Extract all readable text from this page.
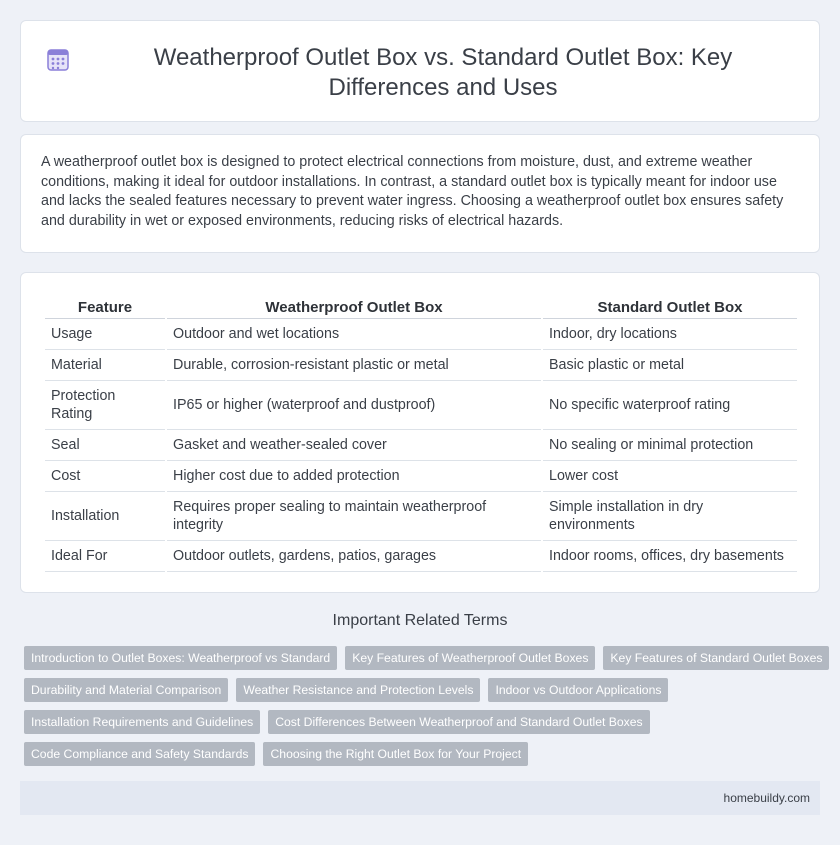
Weatherproof Outlet Box vs. Standard Outlet Box: Key Differences and Uses

A weatherproof outlet box is designed to protect electrical connections from moisture, dust, and extreme weather conditions, making it ideal for outdoor installations. In contrast, a standard outlet box is typically meant for indoor use and lacks the sealed features necessary to prevent water ingress. Choosing a weatherproof outlet box ensures safety and durability in wet or exposed environments, reducing risks of electrical hazards.

Feature	Weatherproof Outlet Box	Standard Outlet Box
Usage	Outdoor and wet locations	Indoor, dry locations
Material	Durable, corrosion-resistant plastic or metal	Basic plastic or metal
Protection Rating	IP65 or higher (waterproof and dustproof)	No specific waterproof rating
Seal	Gasket and weather-sealed cover	No sealing or minimal protection
Cost	Higher cost due to added protection	Lower cost
Installation	Requires proper sealing to maintain weatherproof integrity	Simple installation in dry environments
Ideal For	Outdoor outlets, gardens, patios, garages	Indoor rooms, offices, dry basements
Important Related Terms
Introduction to Outlet Boxes: Weatherproof vs Standard	Key Features of Weatherproof Outlet Boxes	Key Features of Standard Outlet Boxes
Durability and Material Comparison	Weather Resistance and Protection Levels	Indoor vs Outdoor Applications
Installation Requirements and Guidelines	Cost Differences Between Weatherproof and Standard Outlet Boxes
Code Compliance and Safety Standards	Choosing the Right Outlet Box for Your Project
homebuildy.com
